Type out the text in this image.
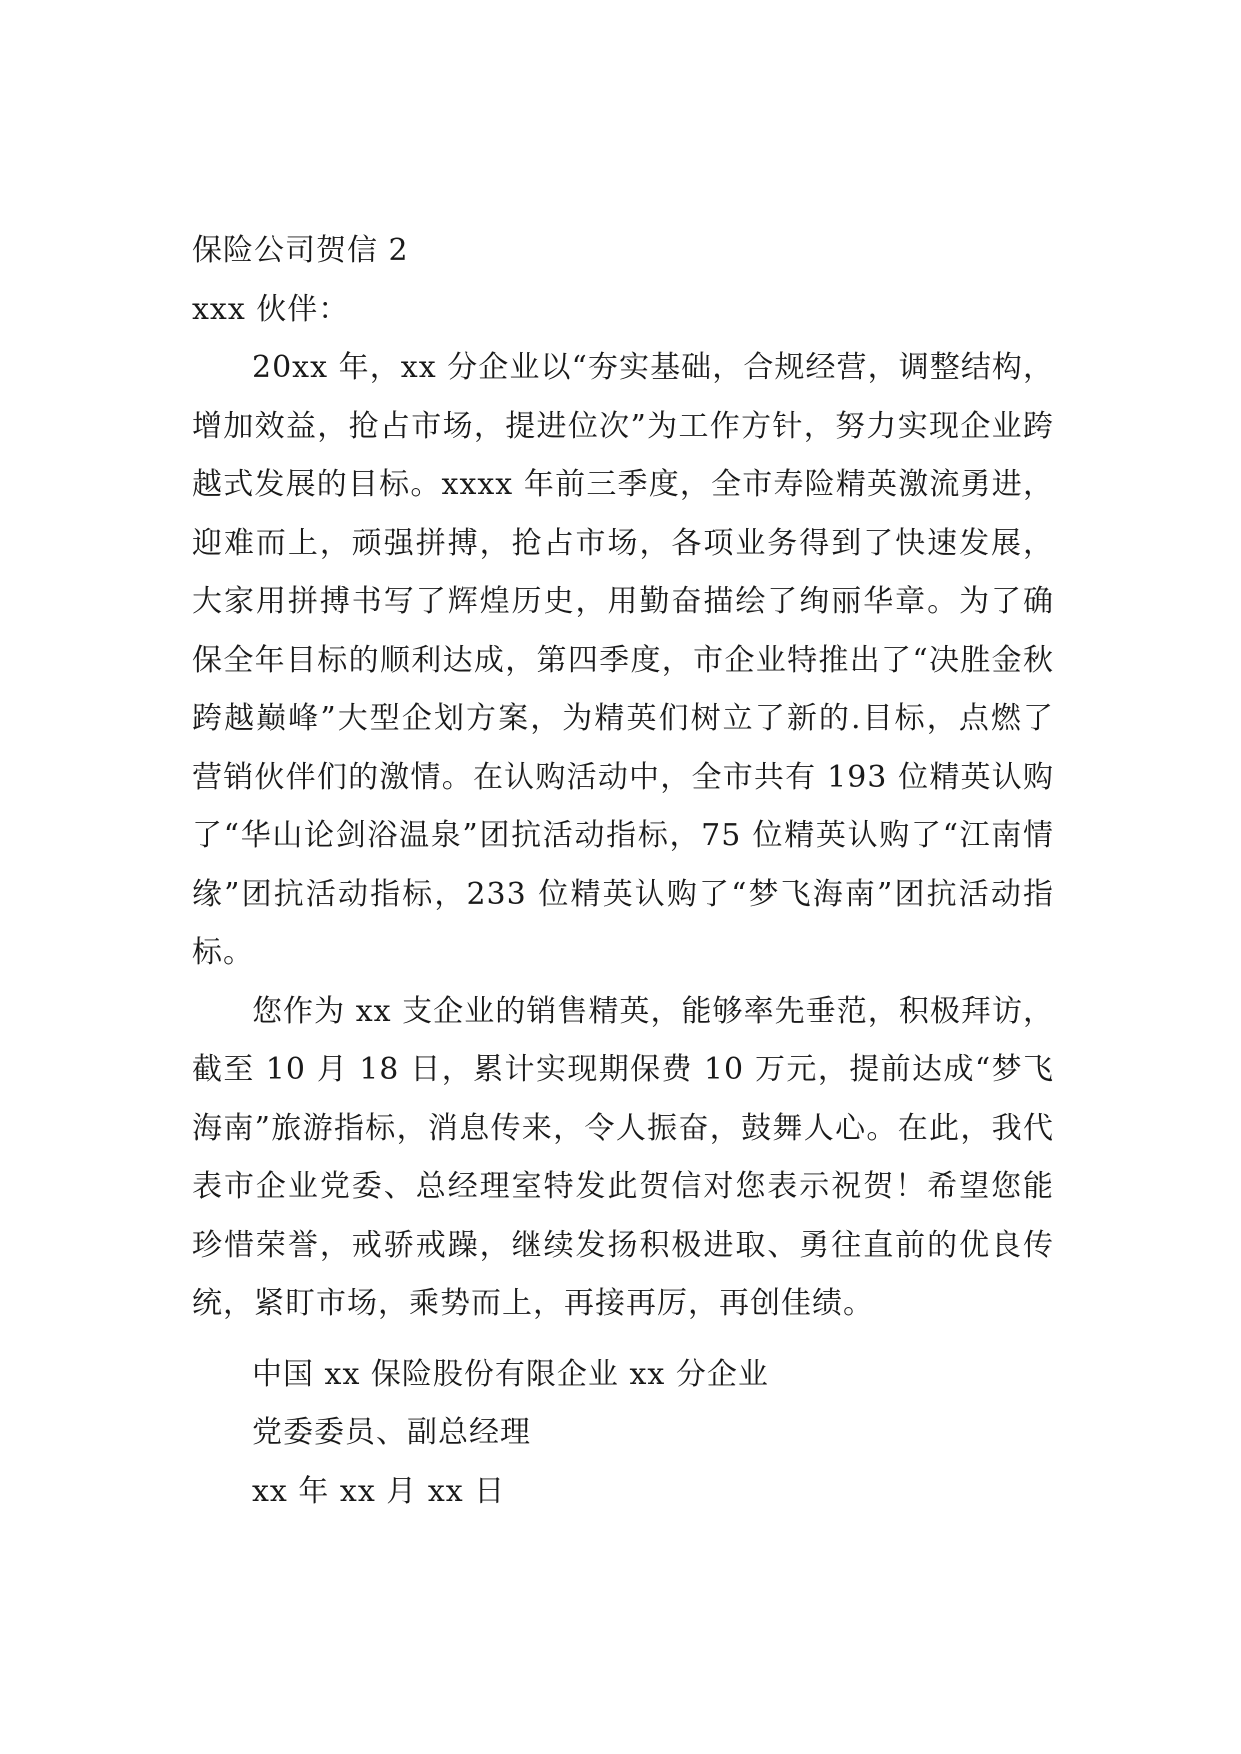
保险公司贺信 2

xxx 伙伴：

20xx 年，xx 分企业以“夯实基础，合规经营，调整结构，增加效益，抢占市场，提进位次”为工作方针，努力实现企业跨越式发展的目标。xxxx 年前三季度，全市寿险精英激流勇进，迎难而上，顽强拼搏，抢占市场，各项业务得到了快速发展，大家用拼搏书写了辉煌历史，用勤奋描绘了绚丽华章。为了确保全年目标的顺利达成，第四季度，市企业特推出了“决胜金秋 跨越巅峰”大型企划方案，为精英们树立了新的.目标，点燃了营销伙伴们的激情。在认购活动中，全市共有 193 位精英认购了“华山论剑浴温泉”团抗活动指标，75 位精英认购了“江南情缘”团抗活动指标，233 位精英认购了“梦飞海南”团抗活动指标。

您作为 xx 支企业的销售精英，能够率先垂范，积极拜访，截至 10 月 18 日，累计实现期保费 10 万元，提前达成“梦飞海南”旅游指标，消息传来，令人振奋，鼓舞人心。在此，我代表市企业党委、总经理室特发此贺信对您表示祝贺！希望您能珍惜荣誉，戒骄戒躁，继续发扬积极进取、勇往直前的优良传统，紧盯市场，乘势而上，再接再厉，再创佳绩。

中国 xx 保险股份有限企业 xx 分企业

党委委员、副总经理

xx 年 xx 月 xx 日
